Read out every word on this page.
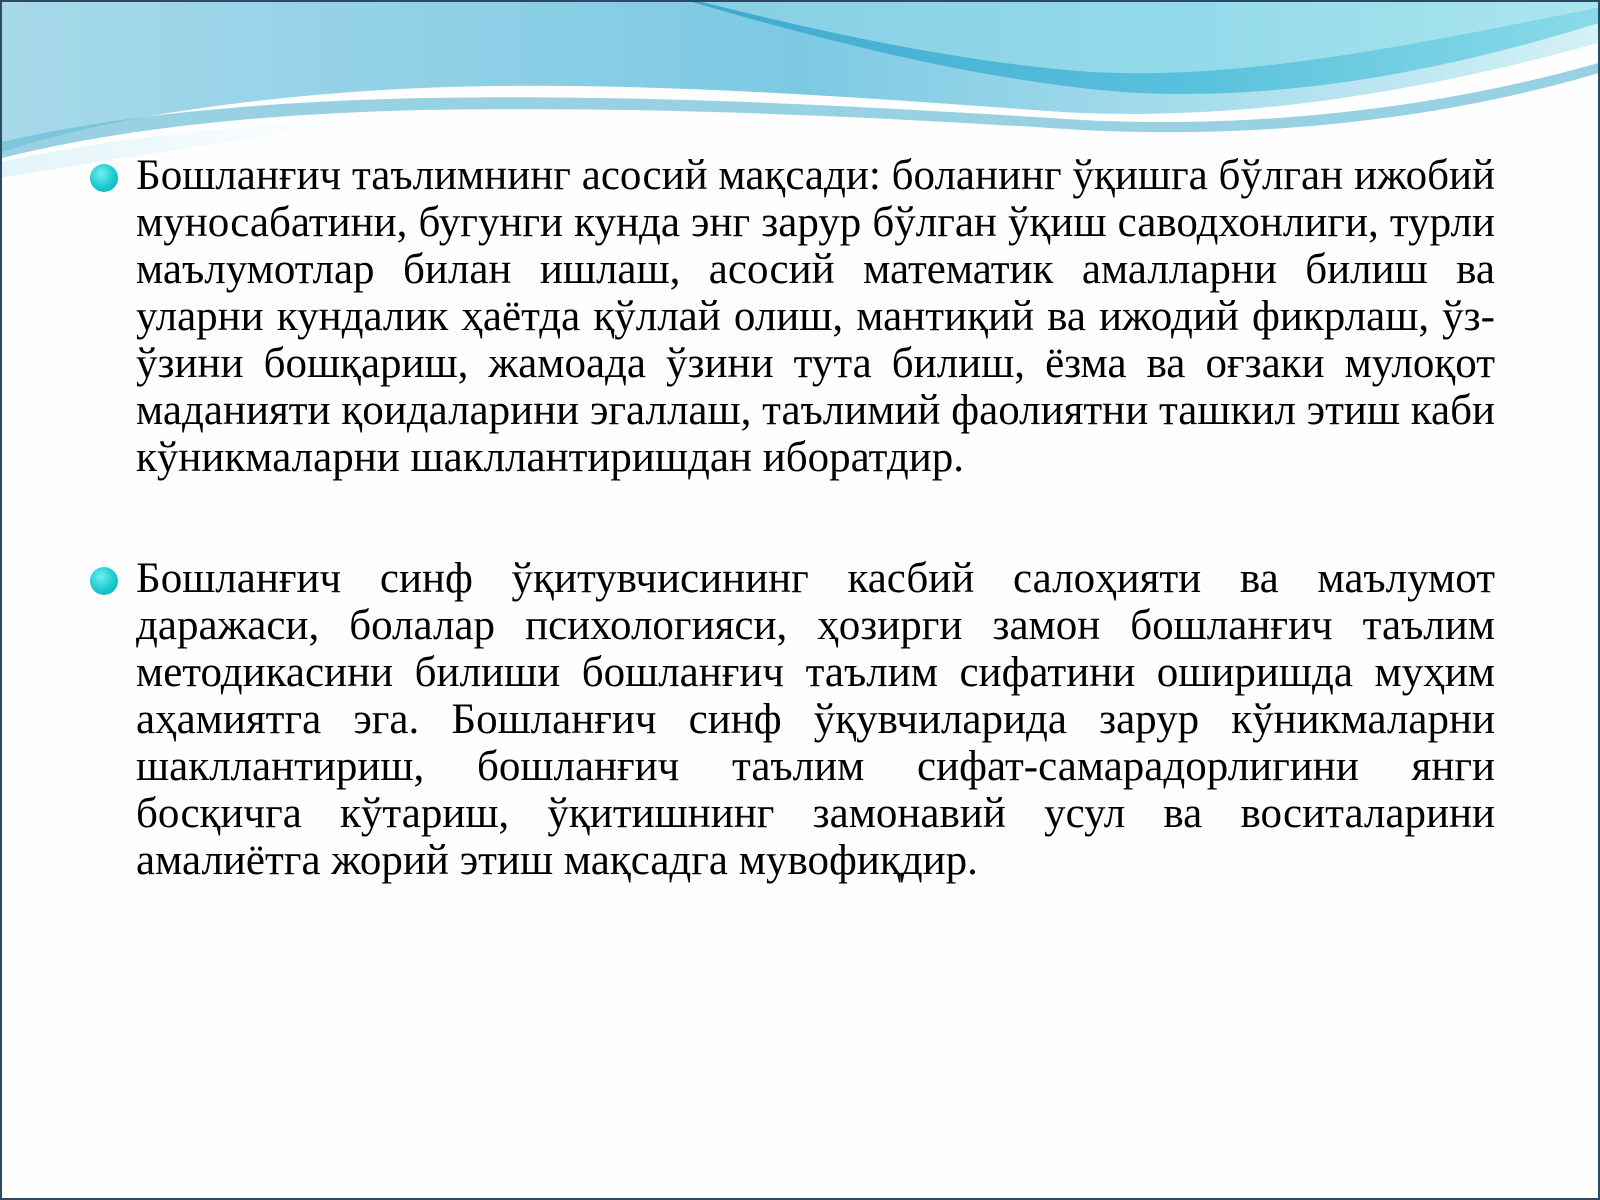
Бошланғич таълимнинг асосий мақсади: боланинг ўқишга бўлган ижобий муносабатини, бугунги кунда энг зарур бўлган ўқиш саводхонлиги, турли маълумотлар билан ишлаш, асосий математик амалларни билиш ва уларни кундалик ҳаётда қўллай олиш, мантиқий ва ижодий фикрлаш, ўз-ўзини бошқариш, жамоада ўзини тута билиш, ёзма ва оғзаки мулоқот маданияти қоидаларини эгаллаш, таълимий фаолиятни ташкил этиш каби кўникмаларни шакллантиришдан иборатдир.

Бошланғич синф ўқитувчисининг касбий салоҳияти ва маълумот даражаси, болалар психологияси, ҳозирги замон бошланғич таълим методикасини билиши бошланғич таълим сифатини оширишда муҳим аҳамиятга эга. Бошланғич синф ўқувчиларида зарур кўникмаларни шакллантириш, бошланғич таълим сифат-самарадорлигини янги босқичга кўтариш, ўқитишнинг замонавий усул ва воситаларини амалиётга жорий этиш мақсадга мувофиқдир.
